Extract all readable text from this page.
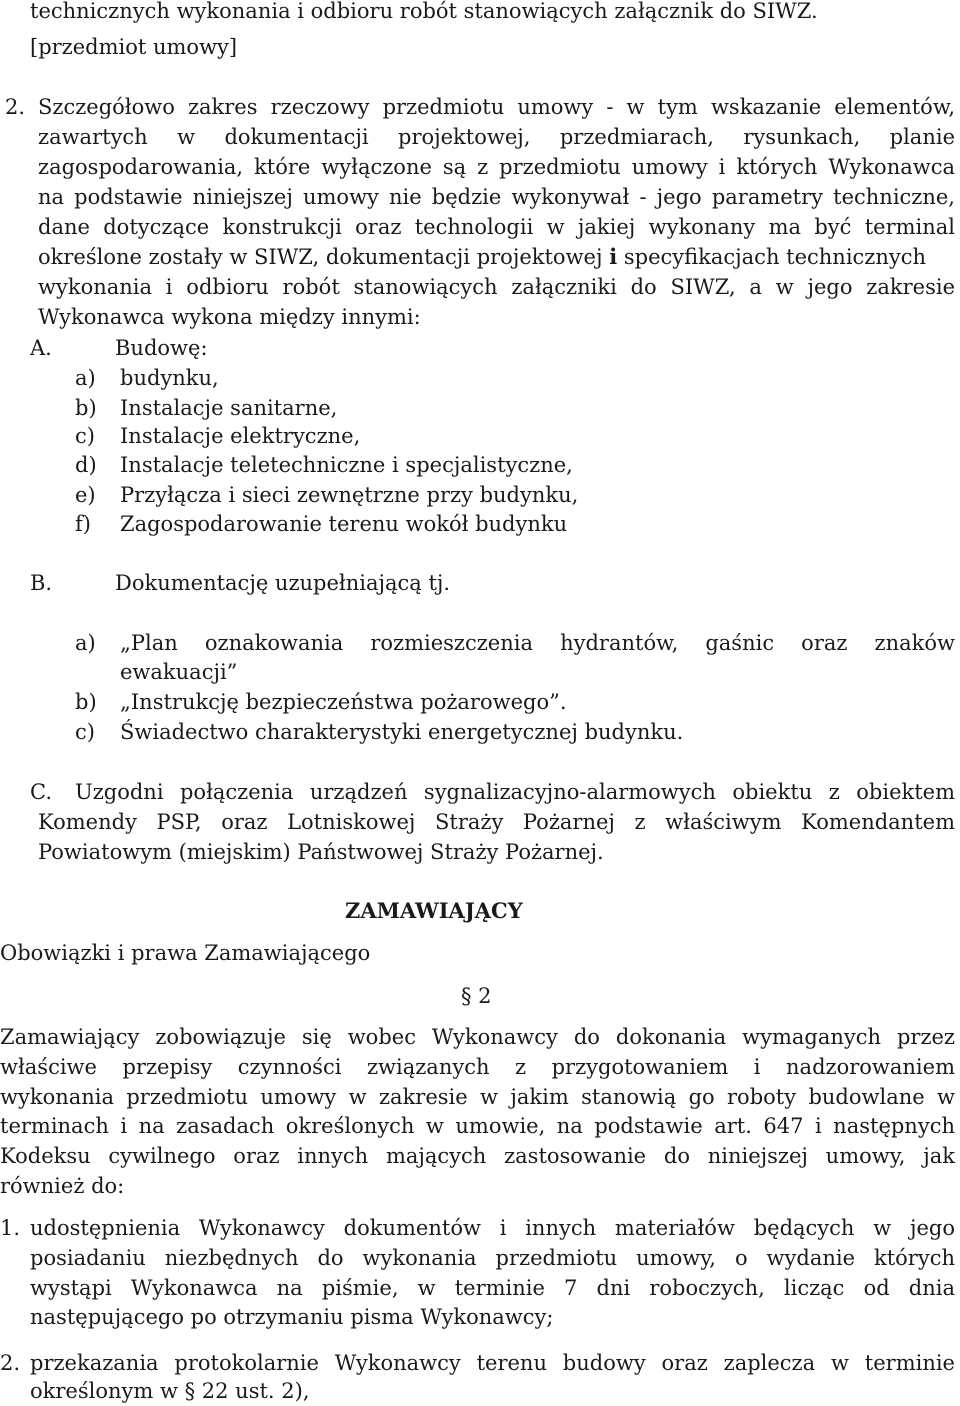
technicznych wykonania i odbioru robót stanowiących załącznik do SIWZ.
[przedmiot umowy]
2. Szczegółowo zakres rzeczowy przedmiotu umowy - w tym wskazanie elementów,
zawartych w dokumentacji projektowej, przedmiarach, rysunkach, planie
zagospodarowania, które wyłączone są z przedmiotu umowy i których Wykonawca
na podstawie niniejszej umowy nie będzie wykonywał - jego parametry techniczne,
dane dotyczące konstrukcji oraz technologii w jakiej wykonany ma być terminal
określone zostały w SIWZ, dokumentacji projektowej i specyfikacjach technicznych
wykonania i odbioru robót stanowiących załączniki do SIWZ, a w jego zakresie
Wykonawca wykona między innymi:
A.	Budowę:
a) budynku,
b) Instalacje sanitarne,
c) Instalacje elektryczne,
d) Instalacje teletechniczne i specjalistyczne,
e) Przyłącza i sieci zewnętrzne przy budynku,
f) Zagospodarowanie terenu wokół budynku
B.	Dokumentację uzupełniającą tj.
a) „Plan oznakowania rozmieszczenia hydrantów, gaśnic oraz znaków
ewakuacji”
b) „Instrukcję bezpieczeństwa pożarowego”.
c) Świadectwo charakterystyki energetycznej budynku.
C. Uzgodni połączenia urządzeń sygnalizacyjno-alarmowych obiektu z obiektem
Komendy PSP, oraz Lotniskowej Straży Pożarnej z właściwym Komendantem
Powiatowym (miejskim) Państwowej Straży Pożarnej.
ZAMAWIAJĄCY
Obowiązki i prawa Zamawiającego
§ 2
Zamawiający zobowiązuje się wobec Wykonawcy do dokonania wymaganych przez
właściwe przepisy czynności związanych z przygotowaniem i nadzorowaniem
wykonania przedmiotu umowy w zakresie w jakim stanowią go roboty budowlane w
terminach i na zasadach określonych w umowie, na podstawie art. 647 i następnych
Kodeksu cywilnego oraz innych mających zastosowanie do niniejszej umowy, jak
również do:
1. udostępnienia Wykonawcy dokumentów i innych materiałów będących w jego
posiadaniu niezbędnych do wykonania przedmiotu umowy, o wydanie których
wystąpi Wykonawca na piśmie, w terminie 7 dni roboczych, licząc od dnia
następującego po otrzymaniu pisma Wykonawcy;
2. przekazania protokolarnie Wykonawcy terenu budowy oraz zaplecza w terminie
określonym w § 22 ust. 2),
